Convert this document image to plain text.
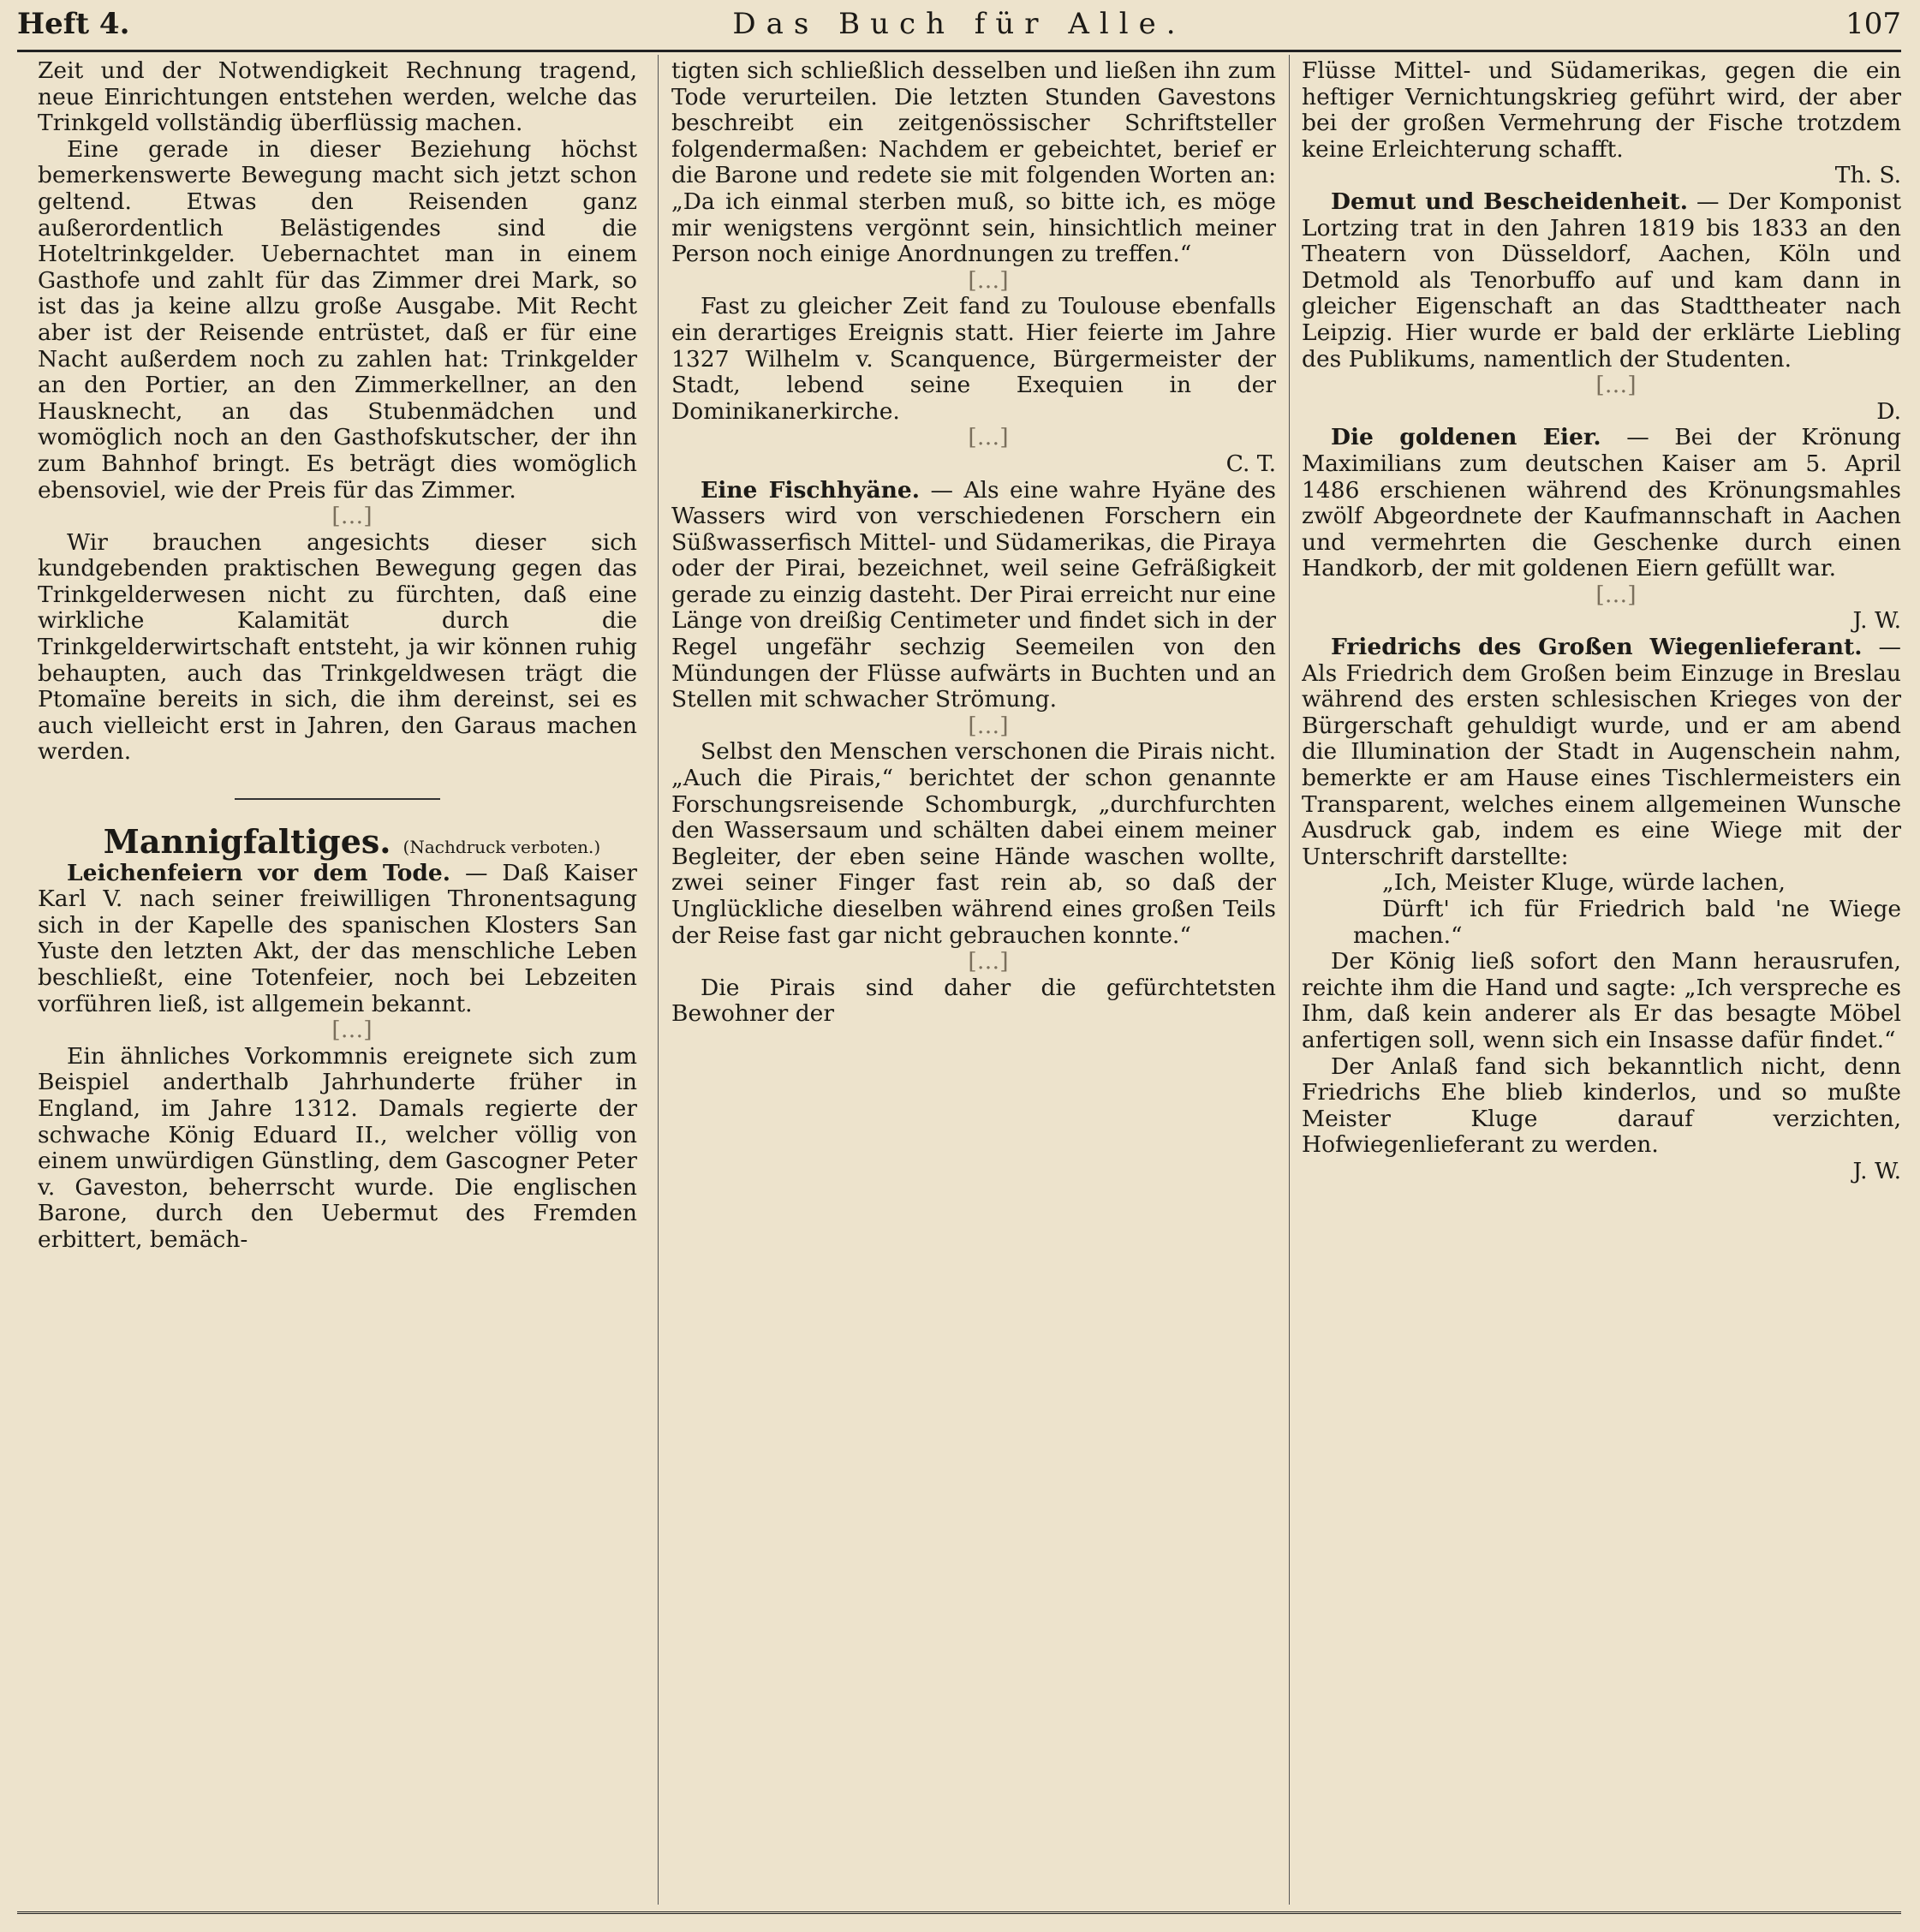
Heft 4.	Das Buch für Alle.	107

Zeit und der Notwendigkeit Rechnung tragend, neue Einrichtungen entstehen werden, welche das Trinkgeld vollständig überflüssig machen.

Eine gerade in dieser Beziehung höchst bemerkenswerte Bewegung macht sich jetzt schon geltend. Etwas den Reisenden ganz außerordentlich Belästigendes sind die Hoteltrinkgelder. Uebernachtet man in einem Gasthofe und zahlt für das Zimmer drei Mark, so ist das ja keine allzu große Ausgabe. Mit Recht aber ist der Reisende entrüstet, daß er für eine Nacht außerdem noch zu zahlen hat: Trinkgelder an den Portier, an den Zimmerkellner, an den Hausknecht, an das Stubenmädchen und womöglich noch an den Gasthofskutscher, der ihn zum Bahnhof bringt. Es beträgt dies womöglich ebensoviel, wie der Preis für das Zimmer.

[…]

Wir brauchen angesichts dieser sich kundgebenden praktischen Bewegung gegen das Trinkgelderwesen nicht zu fürchten, daß eine wirkliche Kalamität durch die Trinkgelderwirtschaft entsteht, ja wir können ruhig behaupten, auch das Trinkgeldwesen trägt die Ptomaïne bereits in sich, die ihm dereinst, sei es auch vielleicht erst in Jahren, den Garaus machen werden.

Mannigfaltiges. (Nachdruck verboten.)

Leichenfeiern vor dem Tode. — Daß Kaiser Karl V. nach seiner freiwilligen Thronentsagung sich in der Kapelle des spanischen Klosters San Yuste den letzten Akt, der das menschliche Leben beschließt, eine Totenfeier, noch bei Lebzeiten vorführen ließ, ist allgemein bekannt.

[…]

Ein ähnliches Vorkommnis ereignete sich zum Beispiel anderthalb Jahrhunderte früher in England, im Jahre 1312. Damals regierte der schwache König Eduard II., welcher völlig von einem unwürdigen Günstling, dem Gascogner Peter v. Gaveston, beherrscht wurde. Die englischen Barone, durch den Uebermut des Fremden erbittert, bemäch-

tigten sich schließlich desselben und ließen ihn zum Tode verurteilen. Die letzten Stunden Gavestons beschreibt ein zeitgenössischer Schriftsteller folgendermaßen: Nachdem er gebeichtet, berief er die Barone und redete sie mit folgenden Worten an: „Da ich einmal sterben muß, so bitte ich, es möge mir wenigstens vergönnt sein, hinsichtlich meiner Person noch einige Anordnungen zu treffen.“

[…]

Fast zu gleicher Zeit fand zu Toulouse ebenfalls ein derartiges Ereignis statt. Hier feierte im Jahre 1327 Wilhelm v. Scanquence, Bürgermeister der Stadt, lebend seine Exequien in der Dominikanerkirche.

[…]

C. T.

Eine Fischhyäne. — Als eine wahre Hyäne des Wassers wird von verschiedenen Forschern ein Süßwasserfisch Mittel- und Südamerikas, die Piraya oder der Pirai, bezeichnet, weil seine Gefräßigkeit gerade zu einzig dasteht. Der Pirai erreicht nur eine Länge von dreißig Centimeter und findet sich in der Regel ungefähr sechzig Seemeilen von den Mündungen der Flüsse aufwärts in Buchten und an Stellen mit schwacher Strömung.

[…]

Selbst den Menschen verschonen die Pirais nicht. „Auch die Pirais,“ berichtet der schon genannte Forschungsreisende Schomburgk, „durchfurchten den Wassersaum und schälten dabei einem meiner Begleiter, der eben seine Hände waschen wollte, zwei seiner Finger fast rein ab, so daß der Unglückliche dieselben während eines großen Teils der Reise fast gar nicht gebrauchen konnte.“

[…]

Die Pirais sind daher die gefürchtetsten Bewohner der

Flüsse Mittel- und Südamerikas, gegen die ein heftiger Vernichtungskrieg geführt wird, der aber bei der großen Vermehrung der Fische trotzdem keine Erleichterung schafft.

Th. S.

Demut und Bescheidenheit. — Der Komponist Lortzing trat in den Jahren 1819 bis 1833 an den Theatern von Düsseldorf, Aachen, Köln und Detmold als Tenorbuffo auf und kam dann in gleicher Eigenschaft an das Stadttheater nach Leipzig. Hier wurde er bald der erklärte Liebling des Publikums, namentlich der Studenten.

[…]

D.

Die goldenen Eier. — Bei der Krönung Maximilians zum deutschen Kaiser am 5. April 1486 erschienen während des Krönungsmahles zwölf Abgeordnete der Kaufmannschaft in Aachen und vermehrten die Geschenke durch einen Handkorb, der mit goldenen Eiern gefüllt war.

[…]

J. W.

Friedrichs des Großen Wiegenlieferant. — Als Friedrich dem Großen beim Einzuge in Breslau während des ersten schlesischen Krieges von der Bürgerschaft gehuldigt wurde, und er am abend die Illumination der Stadt in Augenschein nahm, bemerkte er am Hause eines Tischlermeisters ein Transparent, welches einem allgemeinen Wunsche Ausdruck gab, indem es eine Wiege mit der Unterschrift darstellte:

„Ich, Meister Kluge, würde lachen,

Dürft' ich für Friedrich bald 'ne Wiege machen.“

Der König ließ sofort den Mann herausrufen, reichte ihm die Hand und sagte: „Ich verspreche es Ihm, daß kein anderer als Er das besagte Möbel anfertigen soll, wenn sich ein Insasse dafür findet.“

Der Anlaß fand sich bekanntlich nicht, denn Friedrichs Ehe blieb kinderlos, und so mußte Meister Kluge darauf verzichten, Hofwiegenlieferant zu werden.

J. W.
